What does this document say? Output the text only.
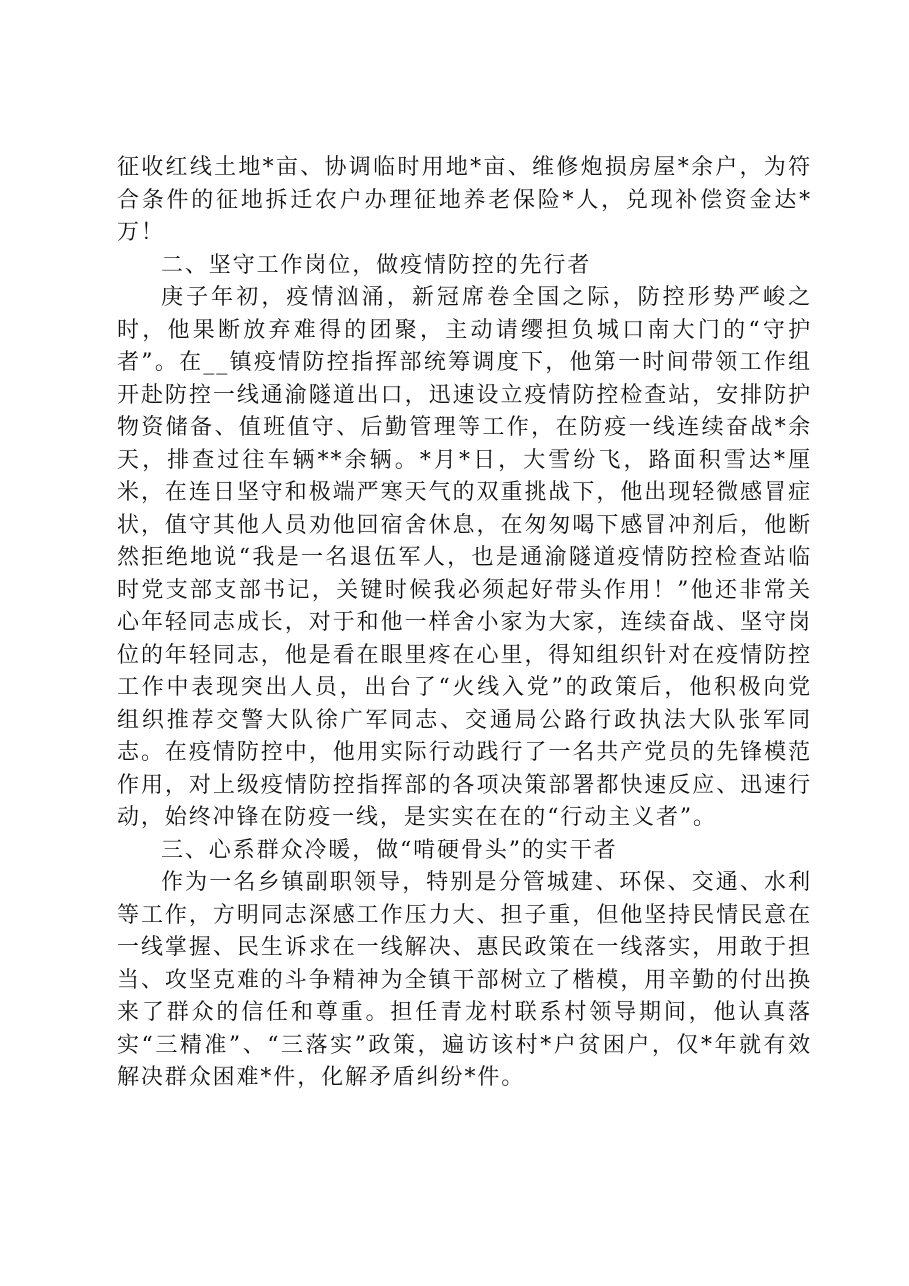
征收红线土地*亩、协调临时用地*亩、维修炮损房屋*余户，为符合条件的征地拆迁农户办理征地养老保险*人，兑现补偿资金达*万！

二、坚守工作岗位，做疫情防控的先行者

庚子年初，疫情汹涌，新冠席卷全国之际，防控形势严峻之时，他果断放弃难得的团聚，主动请缨担负城口南大门的“守护者”。在__镇疫情防控指挥部统筹调度下，他第一时间带领工作组开赴防控一线通渝隧道出口，迅速设立疫情防控检查站，安排防护物资储备、值班值守、后勤管理等工作，在防疫一线连续奋战*余天，排查过往车辆**余辆。*月*日，大雪纷飞，路面积雪达*厘米，在连日坚守和极端严寒天气的双重挑战下，他出现轻微感冒症状，值守其他人员劝他回宿舍休息，在匆匆喝下感冒冲剂后，他断然拒绝地说“我是一名退伍军人，也是通渝隧道疫情防控检查站临时党支部支部书记，关键时候我必须起好带头作用！”他还非常关心年轻同志成长，对于和他一样舍小家为大家，连续奋战、坚守岗位的年轻同志，他是看在眼里疼在心里，得知组织针对在疫情防控工作中表现突出人员，出台了“火线入党”的政策后，他积极向党组织推荐交警大队徐广军同志、交通局公路行政执法大队张军同志。在疫情防控中，他用实际行动践行了一名共产党员的先锋模范作用，对上级疫情防控指挥部的各项决策部署都快速反应、迅速行动，始终冲锋在防疫一线，是实实在在的“行动主义者”。

三、心系群众冷暖，做“啃硬骨头”的实干者

作为一名乡镇副职领导，特别是分管城建、环保、交通、水利等工作，方明同志深感工作压力大、担子重，但他坚持民情民意在一线掌握、民生诉求在一线解决、惠民政策在一线落实，用敢于担当、攻坚克难的斗争精神为全镇干部树立了楷模，用辛勤的付出换来了群众的信任和尊重。担任青龙村联系村领导期间，他认真落实“三精准”、“三落实”政策，遍访该村*户贫困户，仅*年就有效解决群众困难*件，化解矛盾纠纷*件。
